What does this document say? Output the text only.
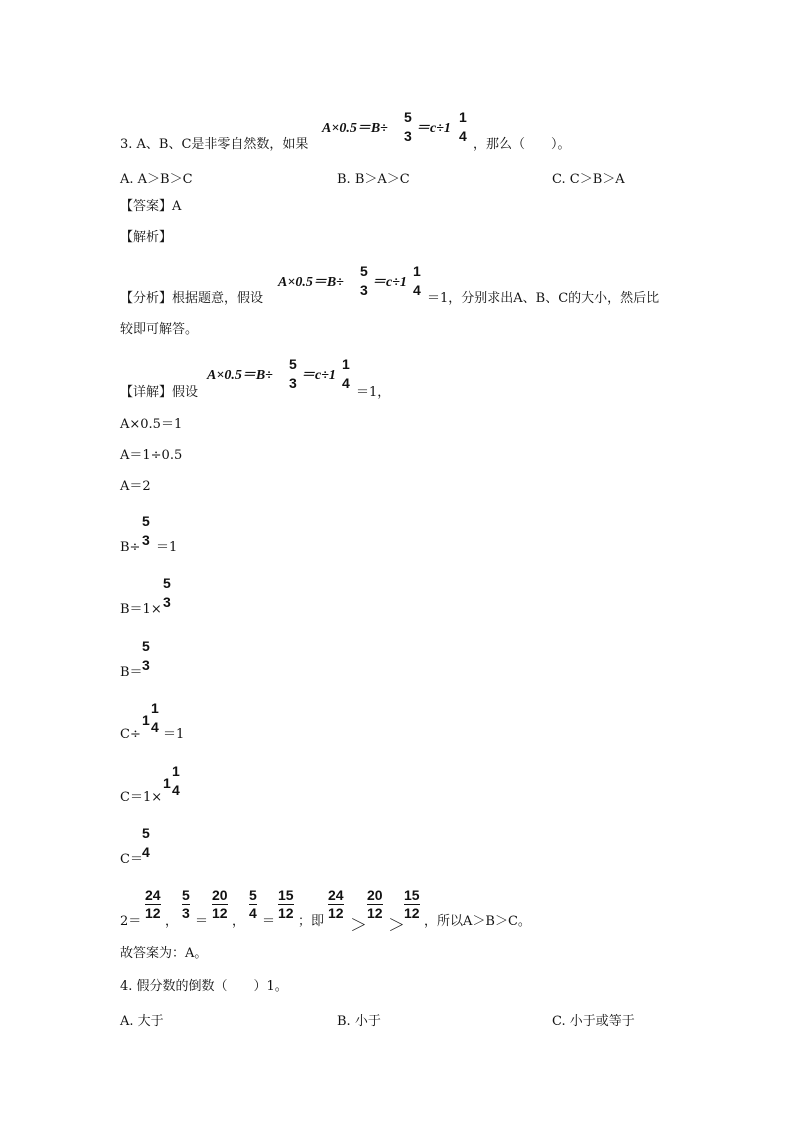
3. A、B、C是非零自然数，如果
A×0.5＝B÷
5
3 ＝c÷1
1
4
，那么（　　）。
A. A＞B＞C	B. B＞A＞C	C. C＞B＞A
【答案】A
【解析】
【分析】根据题意，假设
A×0.5＝B÷
5
3 ＝c÷1
1
4
＝1，分别求出A、B、C的大小，然后比
较即可解答。
【详解】假设
A×0.5＝B÷
5
3 ＝c÷1
1
4
＝1，
A×0.5＝1
A＝1÷0.5
A＝2
B÷
5
3 ＝1
B＝1×
5
3
B＝
5
3
C÷
1
1
4 ＝1
C＝1×
1
1
4
C＝
5
4
2＝
24
12
，
5
3
＝
20
12
，
5
4
＝
15
12
；即
24
12
＞
20
12
＞
15
12
，所以A＞B＞C。
故答案为：A。
4. 假分数的倒数（　　）1。
A. 大于	B. 小于	C. 小于或等于
